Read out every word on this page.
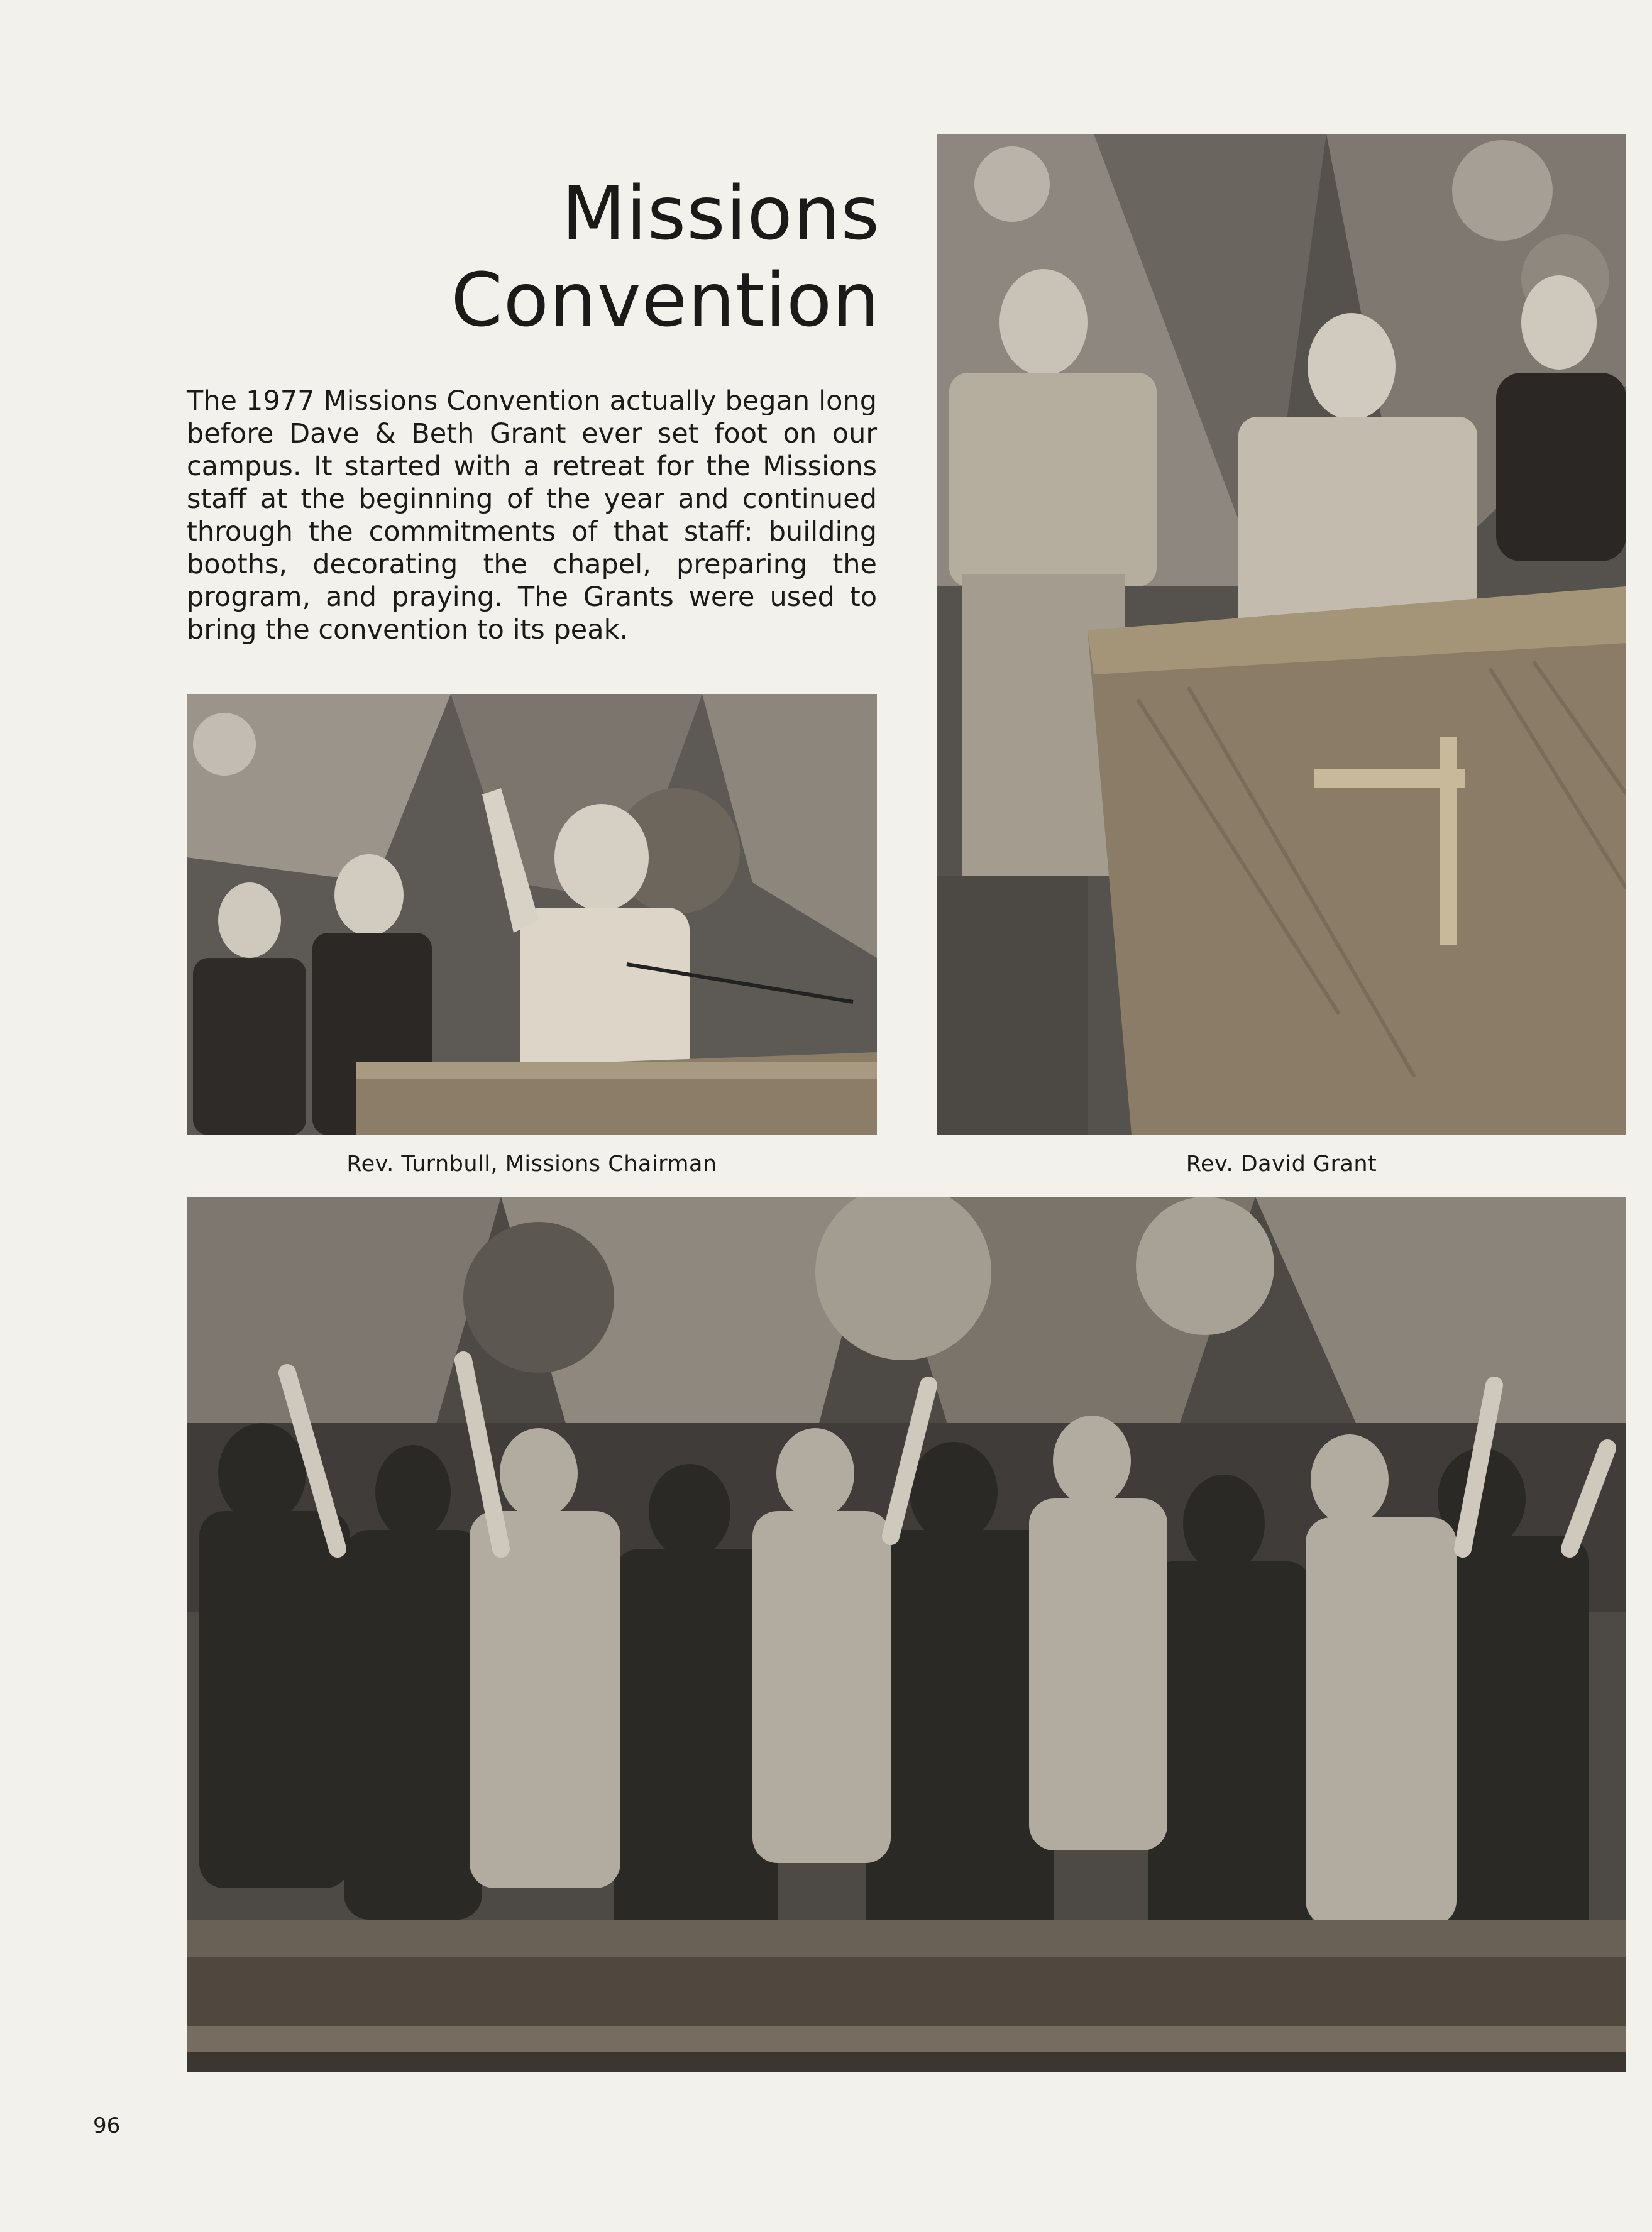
Missions
Convention

The 1977 Missions Convention actually began long before Dave & Beth Grant ever set foot on our campus. It started with a retreat for the Missions staff at the beginning of the year and continued through the commitments of that staff: building booths, decorating the chapel, preparing the program, and praying. The Grants were used to bring the convention to its peak.

Rev. Turnbull, Missions Chairman	Rev. David Grant
96
